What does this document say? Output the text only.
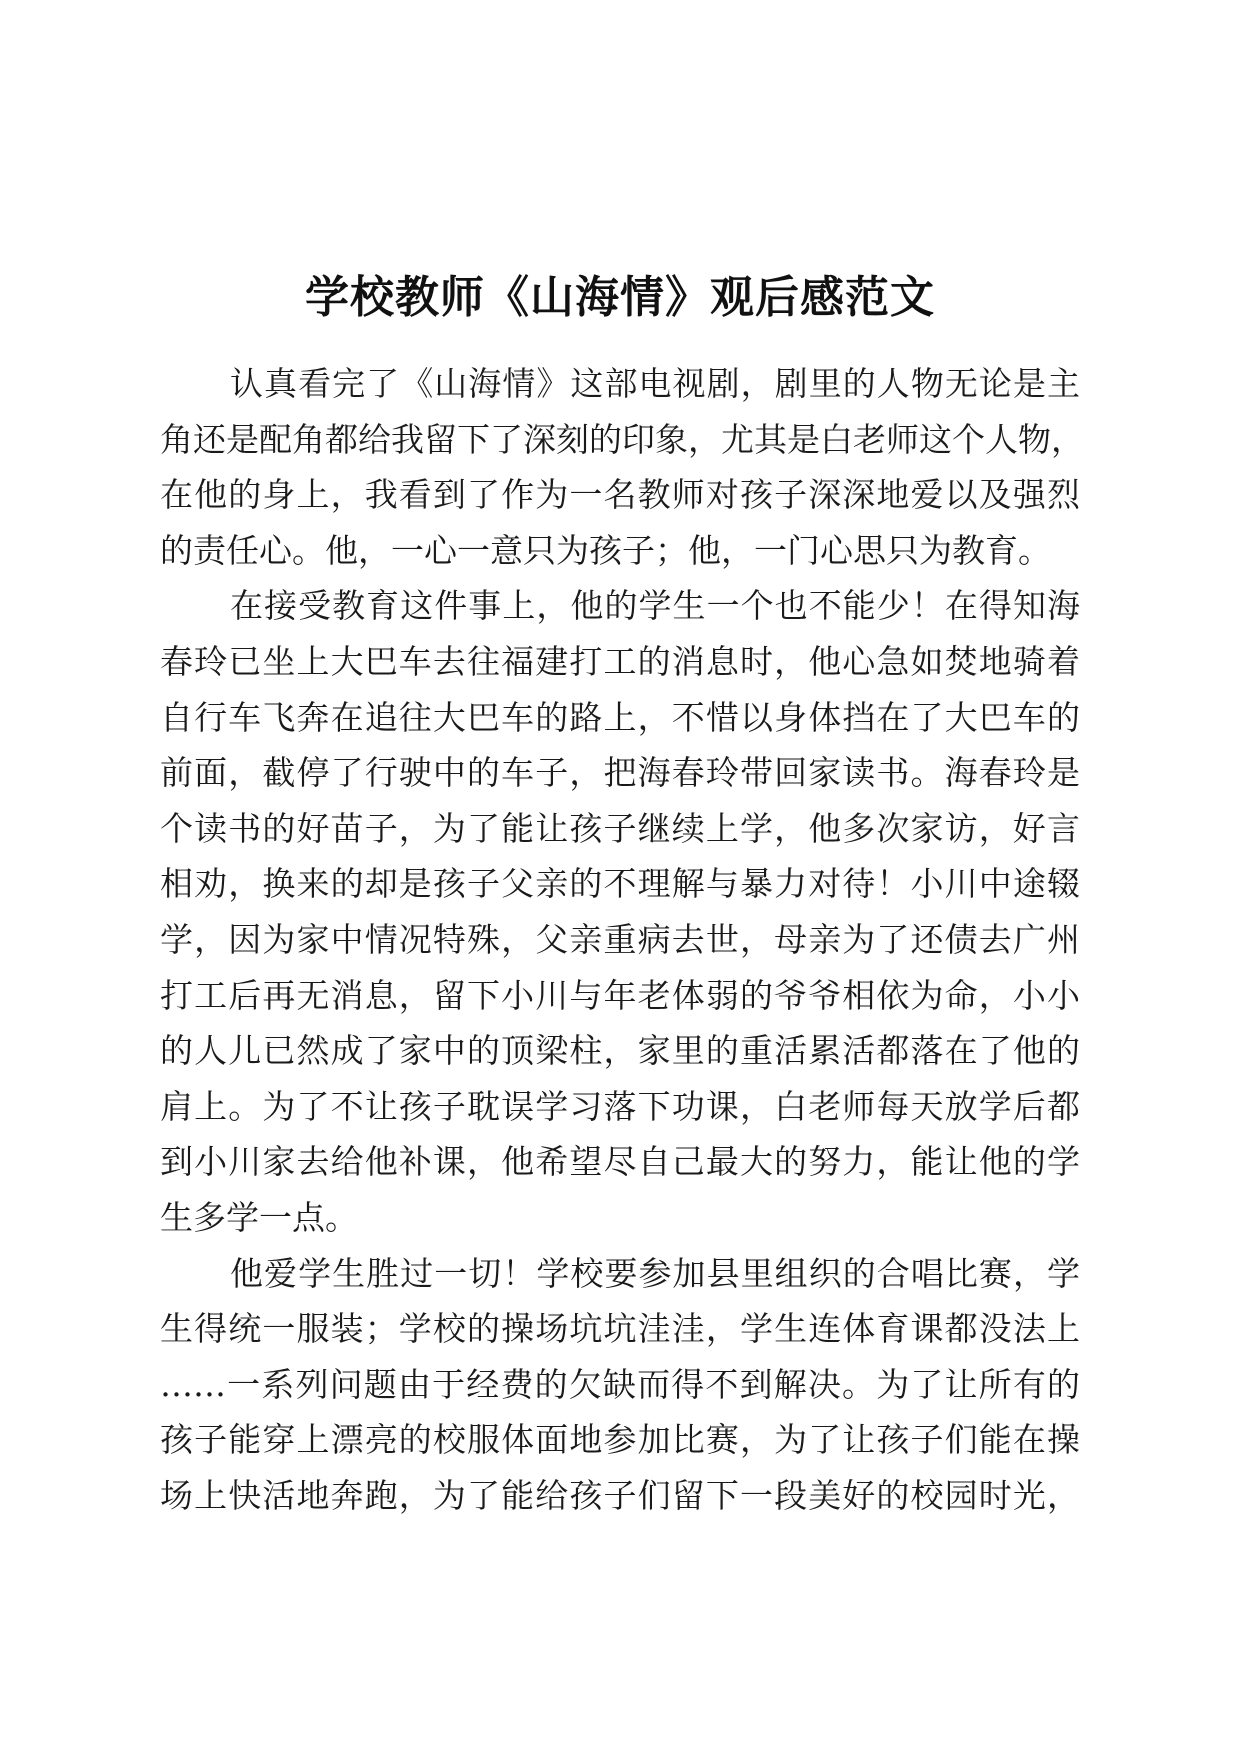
学校教师《山海情》观后感范文
认真看完了《山海情》这部电视剧，剧里的人物无论是主
角还是配角都给我留下了深刻的印象，尤其是白老师这个人物，
在他的身上，我看到了作为一名教师对孩子深深地爱以及强烈
的责任心。他，一心一意只为孩子；他，一门心思只为教育。
在接受教育这件事上，他的学生一个也不能少！在得知海
春玲已坐上大巴车去往福建打工的消息时，他心急如焚地骑着
自行车飞奔在追往大巴车的路上，不惜以身体挡在了大巴车的
前面，截停了行驶中的车子，把海春玲带回家读书。海春玲是
个读书的好苗子，为了能让孩子继续上学，他多次家访，好言
相劝，换来的却是孩子父亲的不理解与暴力对待！小川中途辍
学，因为家中情况特殊，父亲重病去世，母亲为了还债去广州
打工后再无消息，留下小川与年老体弱的爷爷相依为命，小小
的人儿已然成了家中的顶梁柱，家里的重活累活都落在了他的
肩上。为了不让孩子耽误学习落下功课，白老师每天放学后都
到小川家去给他补课，他希望尽自己最大的努力，能让他的学
生多学一点。
他爱学生胜过一切！学校要参加县里组织的合唱比赛，学
生得统一服装；学校的操场坑坑洼洼，学生连体育课都没法上
……一系列问题由于经费的欠缺而得不到解决。为了让所有的
孩子能穿上漂亮的校服体面地参加比赛，为了让孩子们能在操
场上快活地奔跑，为了能给孩子们留下一段美好的校园时光，
